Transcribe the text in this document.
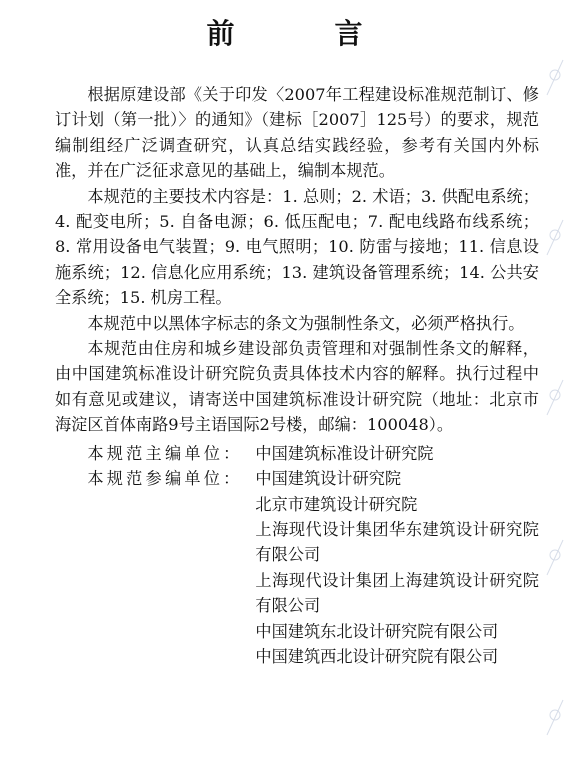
前　言

根据原建设部《关于印发〈2007年工程建设标准规范制订、修订计划（第一批）〉的通知》（建标［2007］125号）的要求，规范编制组经广泛调查研究，认真总结实践经验，参考有关国内外标准，并在广泛征求意见的基础上，编制本规范。

本规范的主要技术内容是：1. 总则；2. 术语；3. 供配电系统；4. 配变电所；5. 自备电源；6. 低压配电；7. 配电线路布线系统；8. 常用设备电气装置；9. 电气照明；10. 防雷与接地；11. 信息设施系统；12. 信息化应用系统；13. 建筑设备管理系统；14. 公共安全系统；15. 机房工程。

本规范中以黑体字标志的条文为强制性条文，必须严格执行。

本规范由住房和城乡建设部负责管理和对强制性条文的解释，由中国建筑标准设计研究院负责具体技术内容的解释。执行过程中如有意见或建议，请寄送中国建筑标准设计研究院（地址：北京市海淀区首体南路9号主语国际2号楼，邮编：100048）。

本规范主编单位： 中国建筑标准设计研究院
本规范参编单位： 中国建筑设计研究院
北京市建筑设计研究院
上海现代设计集团华东建筑设计研究院有限公司
上海现代设计集团上海建筑设计研究院有限公司
中国建筑东北设计研究院有限公司
中国建筑西北设计研究院有限公司
